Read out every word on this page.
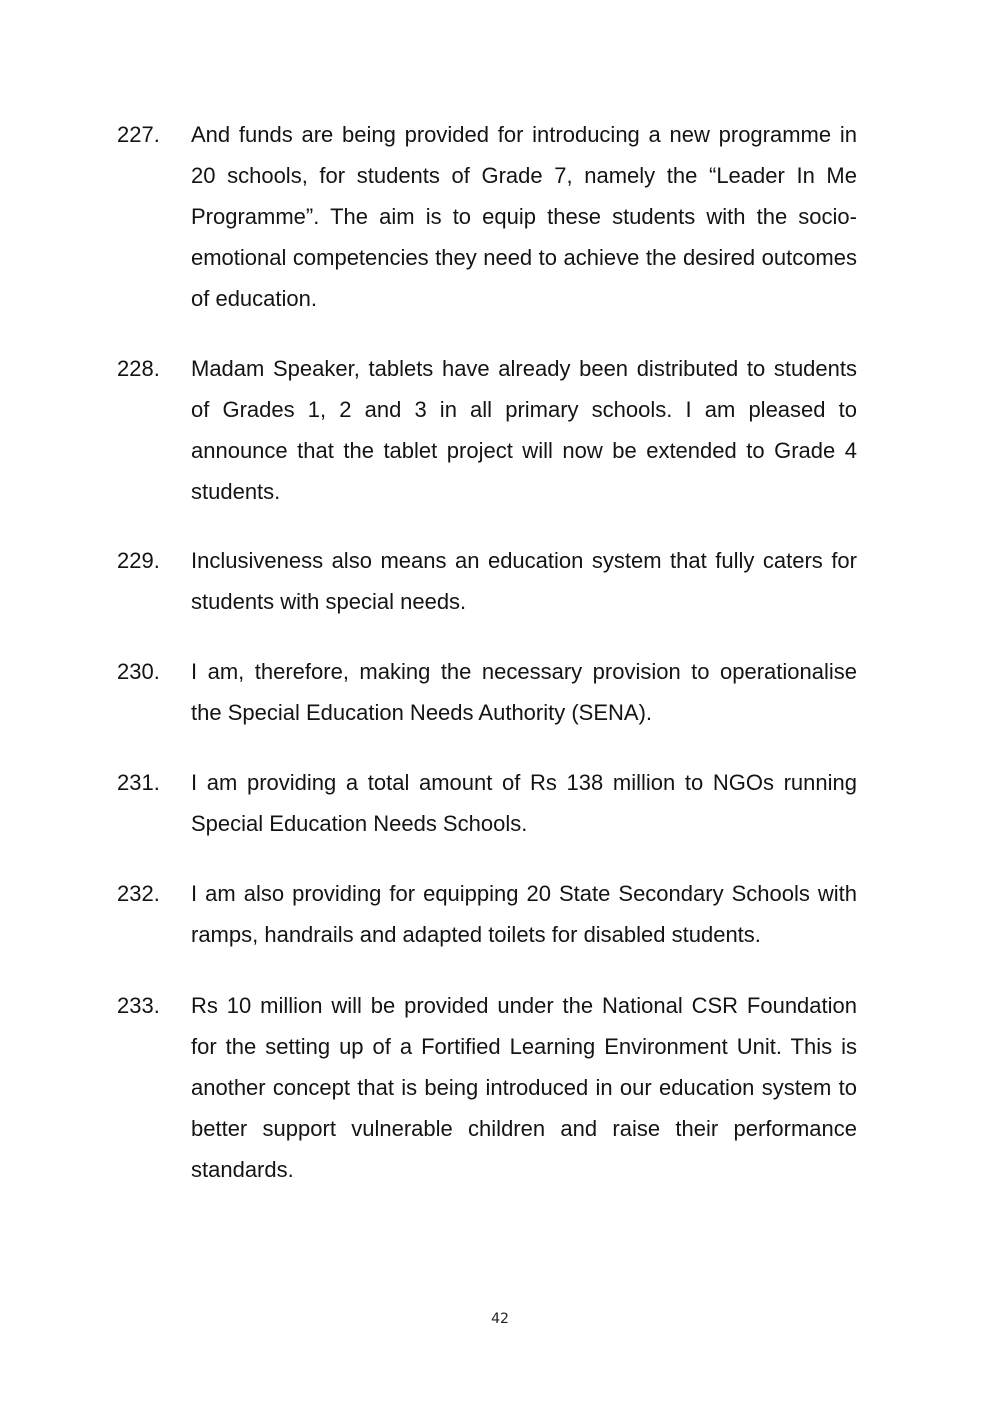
227. And funds are being provided for introducing a new programme in 20 schools, for students of Grade 7, namely the “Leader In Me Programme”. The aim is to equip these students with the socio-emotional competencies they need to achieve the desired outcomes of education.
228. Madam Speaker, tablets have already been distributed to students of Grades 1, 2 and 3 in all primary schools. I am pleased to announce that the tablet project will now be extended to Grade 4 students.
229. Inclusiveness also means an education system that fully caters for students with special needs.
230. I am, therefore, making the necessary provision to operationalise the Special Education Needs Authority (SENA).
231. I am providing a total amount of Rs 138 million to NGOs running Special Education Needs Schools.
232. I am also providing for equipping 20 State Secondary Schools with ramps, handrails and adapted toilets for disabled students.
233. Rs 10 million will be provided under the National CSR Foundation for the setting up of a Fortified Learning Environment Unit. This is another concept that is being introduced in our education system to better support vulnerable children and raise their performance standards.
42
